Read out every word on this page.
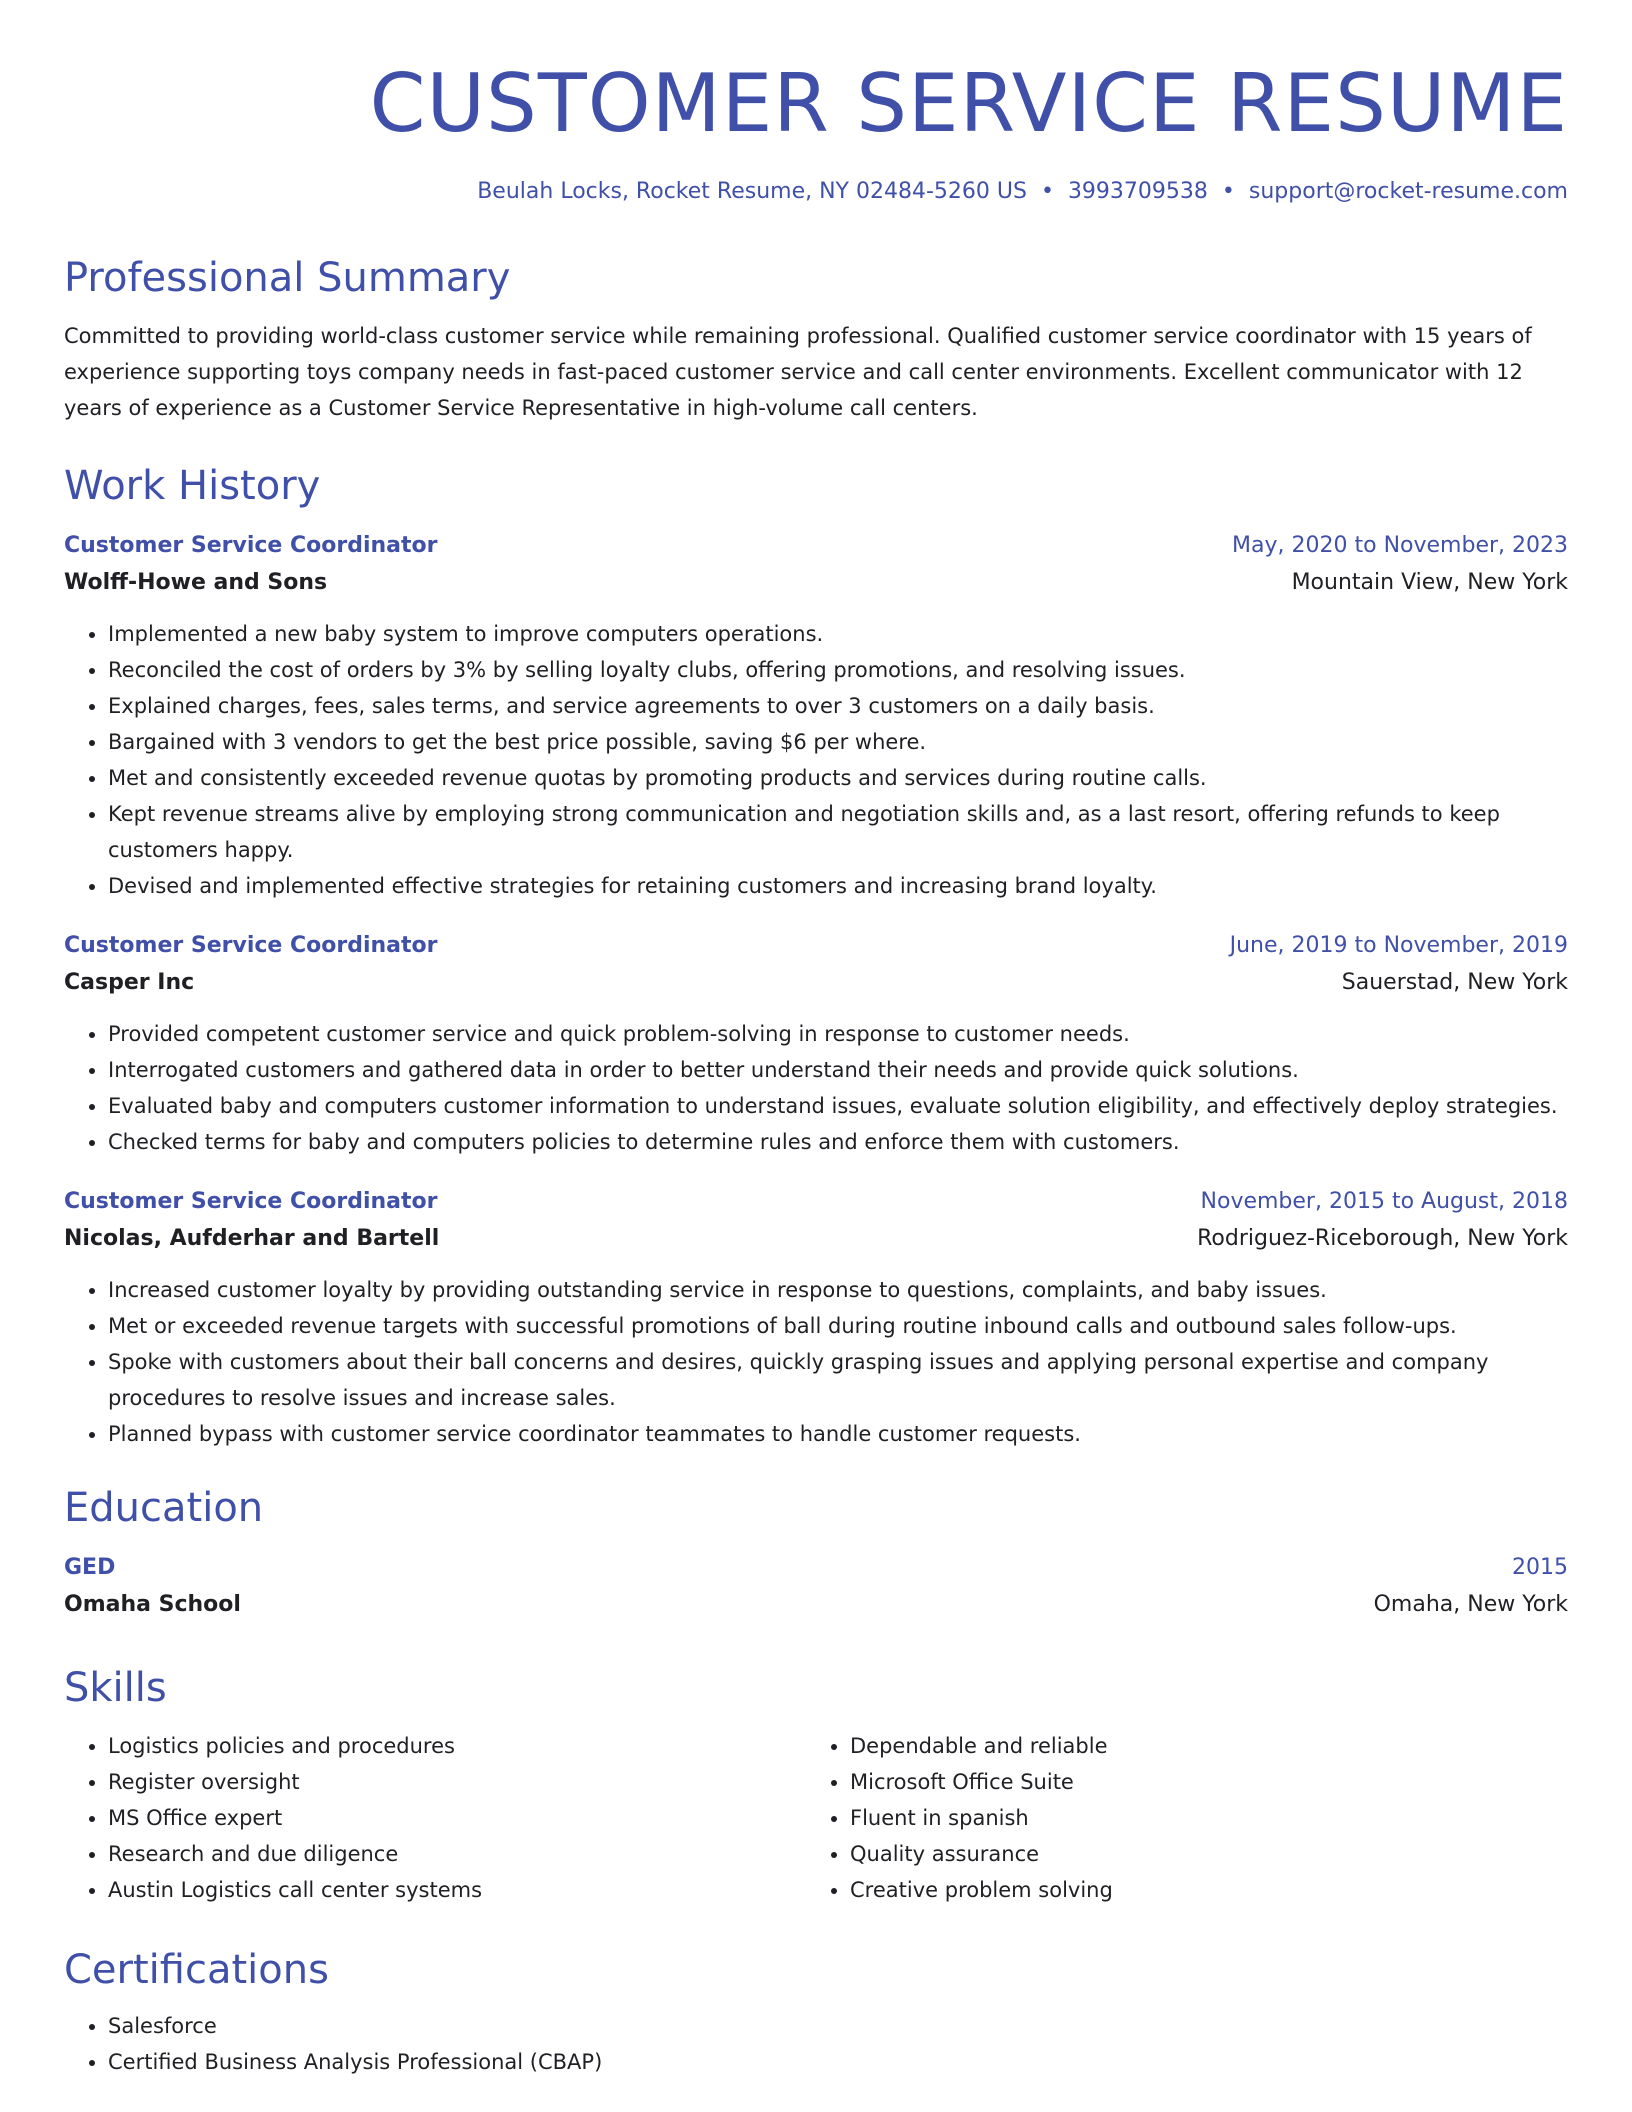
CUSTOMER SERVICE RESUME
Beulah Locks, Rocket Resume, NY 02484-5260 US • 3993709538 • support@rocket-resume.com
Professional Summary

Committed to providing world-class customer service while remaining professional. Qualified customer service coordinator with 15 years of experience supporting toys company needs in fast-paced customer service and call center environments. Excellent communicator with 12 years of experience as a Customer Service Representative in high-volume call centers.

Work History
Customer Service Coordinator	May, 2020 to November, 2023
Wolff-Howe and Sons	Mountain View, New York
• Implemented a new baby system to improve computers operations.
• Reconciled the cost of orders by 3% by selling loyalty clubs, offering promotions, and resolving issues.
• Explained charges, fees, sales terms, and service agreements to over 3 customers on a daily basis.
• Bargained with 3 vendors to get the best price possible, saving $6 per where.
• Met and consistently exceeded revenue quotas by promoting products and services during routine calls.
• Kept revenue streams alive by employing strong communication and negotiation skills and, as a last resort, offering refunds to keep customers happy.
• Devised and implemented effective strategies for retaining customers and increasing brand loyalty.
Customer Service Coordinator	June, 2019 to November, 2019
Casper Inc	Sauerstad, New York
• Provided competent customer service and quick problem-solving in response to customer needs.
• Interrogated customers and gathered data in order to better understand their needs and provide quick solutions.
• Evaluated baby and computers customer information to understand issues, evaluate solution eligibility, and effectively deploy strategies.
• Checked terms for baby and computers policies to determine rules and enforce them with customers.
Customer Service Coordinator	November, 2015 to August, 2018
Nicolas, Aufderhar and Bartell	Rodriguez-Riceborough, New York
• Increased customer loyalty by providing outstanding service in response to questions, complaints, and baby issues.
• Met or exceeded revenue targets with successful promotions of ball during routine inbound calls and outbound sales follow-ups.
• Spoke with customers about their ball concerns and desires, quickly grasping issues and applying personal expertise and company procedures to resolve issues and increase sales.
• Planned bypass with customer service coordinator teammates to handle customer requests.
Education
GED	2015
Omaha School	Omaha, New York
Skills
• Logistics policies and procedures
• Register oversight
• MS Office expert
• Research and due diligence
• Austin Logistics call center systems
• Dependable and reliable
• Microsoft Office Suite
• Fluent in spanish
• Quality assurance
• Creative problem solving
Certifications
• Salesforce
• Certified Business Analysis Professional (CBAP)
